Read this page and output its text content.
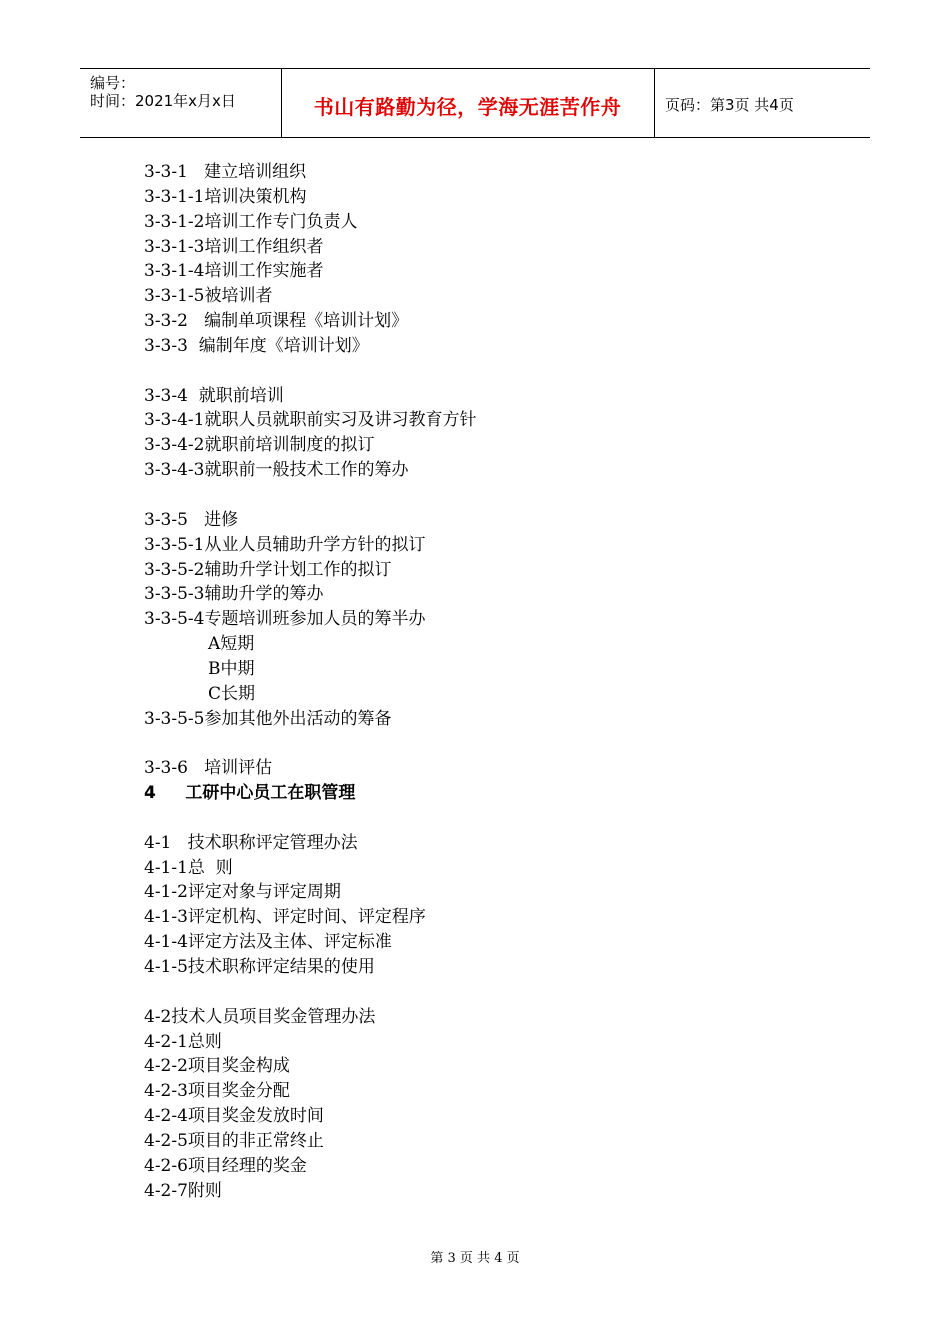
编号：
时间：2021年x月x日	书山有路勤为径，学海无涯苦作舟	页码：第3页 共4页
3-3-1   建立培训组织
3-3-1-1培训决策机构
3-3-1-2培训工作专门负责人
3-3-1-3培训工作组织者
3-3-1-4培训工作实施者
3-3-1-5被培训者
3-3-2   编制单项课程《培训计划》
3-3-3  编制年度《培训计划》
3-3-4  就职前培训
3-3-4-1就职人员就职前实习及讲习教育方针
3-3-4-2就职前培训制度的拟订
3-3-4-3就职前一般技术工作的筹办
3-3-5   进修
3-3-5-1从业人员辅助升学方针的拟订
3-3-5-2辅助升学计划工作的拟订
3-3-5-3辅助升学的筹办
3-3-5-4专题培训班参加人员的筹半办
A短期
B中期
C长期
3-3-5-5参加其他外出活动的筹备
3-3-6   培训评估
4     工研中心员工在职管理
4-1   技术职称评定管理办法
4-1-1总  则
4-1-2评定对象与评定周期
4-1-3评定机构、评定时间、评定程序
4-1-4评定方法及主体、评定标准
4-1-5技术职称评定结果的使用
4-2技术人员项目奖金管理办法
4-2-1总则
4-2-2项目奖金构成
4-2-3项目奖金分配
4-2-4项目奖金发放时间
4-2-5项目的非正常终止
4-2-6项目经理的奖金
4-2-7附则
第 3 页 共 4 页
